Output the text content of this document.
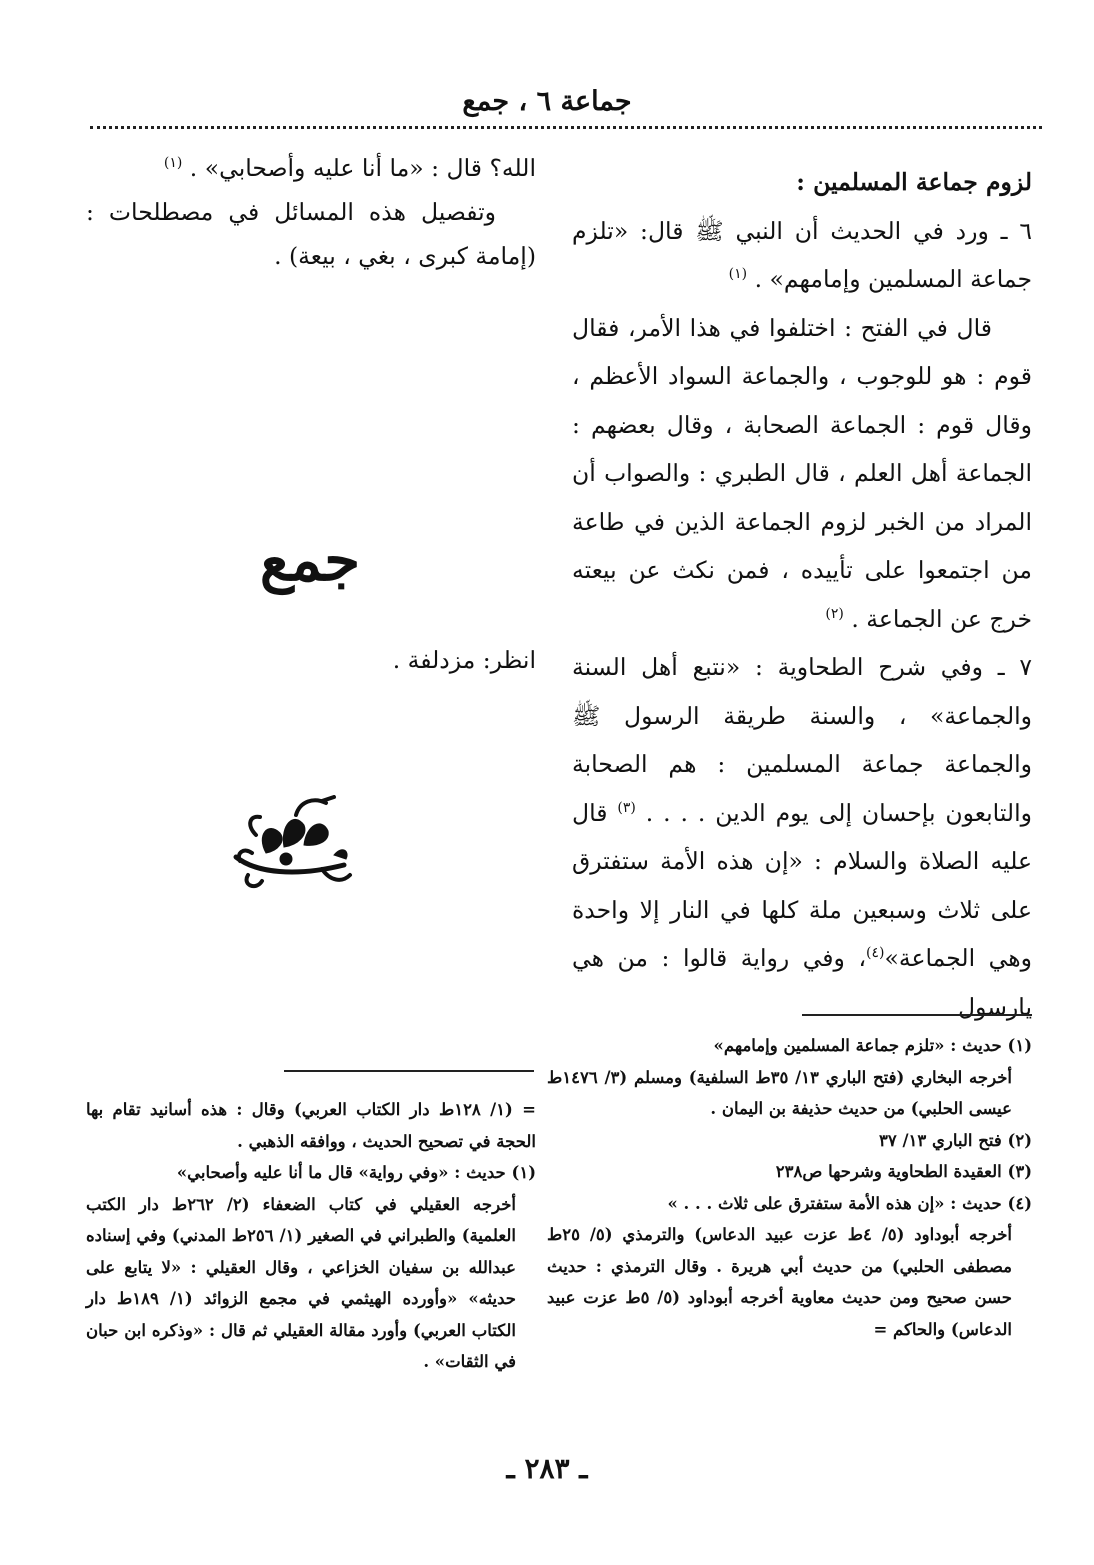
جماعة ٦ ، جمع

لزوم جماعة المسلمين :

٦ ـ ورد في الحديث أن النبي ﷺ قال: «تلزم جماعة المسلمين وإمامهم» . $^{(١)}$

قال في الفتح : اختلفوا في هذا الأمر، فقال قوم : هو للوجوب ، والجماعة السواد الأعظم ، وقال قوم : الجماعة الصحابة ، وقال بعضهم : الجماعة أهل العلم ، قال الطبري : والصواب أن المراد من الخبر لزوم الجماعة الذين في طاعة من اجتمعوا على تأييده ، فمن نكث عن بيعته خرج عن الجماعة . $^{(٢)}$

٧ ـ وفي شرح الطحاوية : «نتبع أهل السنة والجماعة» ، والسنة طريقة الرسول ﷺ والجماعة جماعة المسلمين : هم الصحابة والتابعون بإحسان إلى يوم الدين . . . . $^{(٣)}$ قال عليه الصلاة والسلام : «إن هذه الأمة ستفترق على ثلاث وسبعين ملة كلها في النار إلا واحدة وهي الجماعة»$^{(٤)}$، وفي رواية قالوا : من هي يارسول

الله؟ قال : «ما أنا عليه وأصحابي» . $^{(١)}$

وتفصيل هذه المسائل في مصطلحات : (إمامة كبرى ، بغي ، بيعة) .

جمع
انظر: مزدلفة .

(١) حديث : «تلزم جماعة المسلمين وإمامهم»

أخرجه البخاري (فتح الباري ١٣/ ٣٥ط السلفية) ومسلم (٣/ ١٤٧٦ط عيسى الحلبي) من حديث حذيفة بن اليمان .

(٢) فتح الباري ١٣/ ٣٧

(٣) العقيدة الطحاوية وشرحها ص٢٣٨

(٤) حديث : «إن هذه الأمة ستفترق على ثلاث . . . »

أخرجه أبوداود (٥/ ٤ط عزت عبيد الدعاس) والترمذي (٥/ ٢٥ط مصطفى الحلبي) من حديث أبي هريرة . وقال الترمذي : حديث حسن صحيح ومن حديث معاوية أخرجه أبوداود (٥/ ٥ط عزت عبيد الدعاس) والحاكم =

= (١/ ١٢٨ط دار الكتاب العربي) وقال : هذه أسانيد تقام بها الحجة في تصحيح الحديث ، ووافقه الذهبي .

(١) حديث : «وفي رواية» قال ما أنا عليه وأصحابي»

أخرجه العقيلي في كتاب الضعفاء (٢/ ٢٦٢ط دار الكتب العلمية) والطبراني في الصغير (١/ ٢٥٦ط المدني) وفي إسناده عبدالله بن سفيان الخزاعي ، وقال العقيلي : «لا يتابع على حديثه» «وأورده الهيثمي في مجمع الزوائد (١/ ١٨٩ط دار الكتاب العربي) وأورد مقالة العقيلي ثم قال : «وذكره ابن حبان في الثقات» .

ـ ٢٨٣ ـ
